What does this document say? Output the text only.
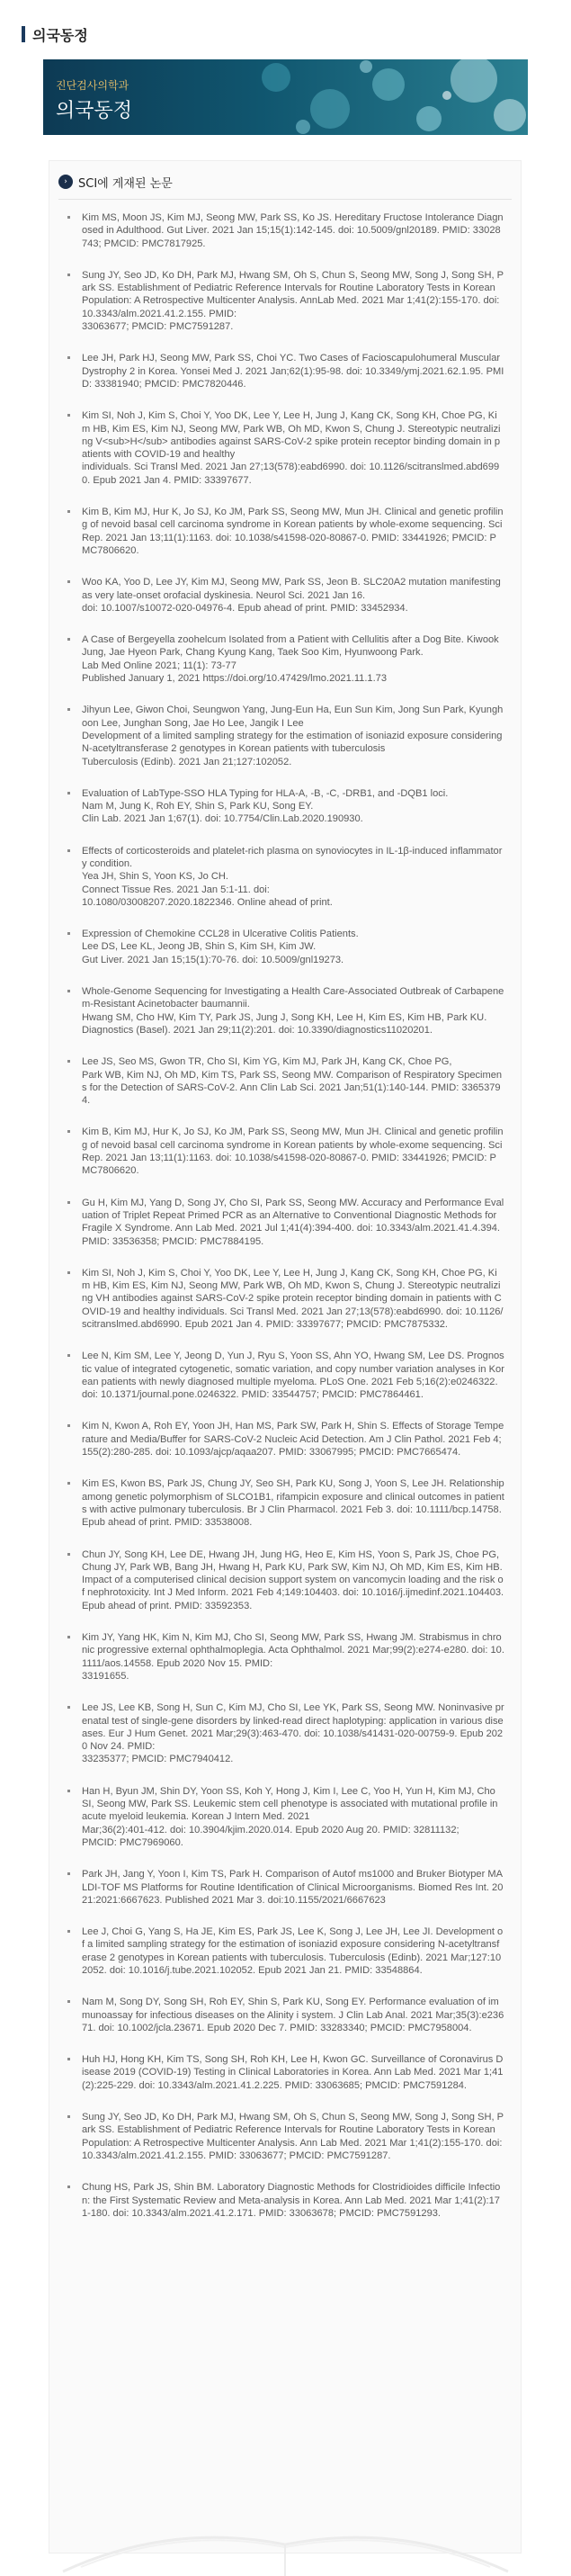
의국동정
진단검사의학과
의국동정
› SCI에 게재된 논문
Kim MS, Moon JS, Kim MJ, Seong MW, Park SS, Ko JS. Hereditary Fructose Intolerance Diagnosed in Adulthood. Gut Liver. 2021 Jan 15;15(1):142-145. doi: 10.5009/gnl20189. PMID: 33028743; PMCID: PMC7817925.
Sung JY, Seo JD, Ko DH, Park MJ, Hwang SM, Oh S, Chun S, Seong MW, Song J, Song SH, Park SS. Establishment of Pediatric Reference Intervals for Routine Laboratory Tests in Korean Population: A Retrospective Multicenter Analysis. AnnLab Med. 2021 Mar 1;41(2):155-170. doi: 10.3343/alm.2021.41.2.155. PMID:
33063677; PMCID: PMC7591287.
Lee JH, Park HJ, Seong MW, Park SS, Choi YC. Two Cases of Facioscapulohumeral Muscular Dystrophy 2 in Korea. Yonsei Med J. 2021 Jan;62(1):95-98. doi: 10.3349/ymj.2021.62.1.95. PMID: 33381940; PMCID: PMC7820446.
Kim SI, Noh J, Kim S, Choi Y, Yoo DK, Lee Y, Lee H, Jung J, Kang CK, Song KH, Choe PG, Kim HB, Kim ES, Kim NJ, Seong MW, Park WB, Oh MD, Kwon S, Chung J. Stereotypic neutralizing V<sub>H</sub> antibodies against SARS-CoV-2 spike protein receptor binding domain in patients with COVID-19 and healthy
individuals. Sci Transl Med. 2021 Jan 27;13(578):eabd6990. doi: 10.1126/scitranslmed.abd6990. Epub 2021 Jan 4. PMID: 33397677.
Kim B, Kim MJ, Hur K, Jo SJ, Ko JM, Park SS, Seong MW, Mun JH. Clinical and genetic profiling of nevoid basal cell carcinoma syndrome in Korean patients by whole-exome sequencing. Sci Rep. 2021 Jan 13;11(1):1163. doi: 10.1038/s41598-020-80867-0. PMID: 33441926; PMCID: PMC7806620.
Woo KA, Yoo D, Lee JY, Kim MJ, Seong MW, Park SS, Jeon B. SLC20A2 mutation manifesting as very late-onset orofacial dyskinesia. Neurol Sci. 2021 Jan 16.
doi: 10.1007/s10072-020-04976-4. Epub ahead of print. PMID: 33452934.
A Case of Bergeyella zoohelcum Isolated from a Patient with Cellulitis after a Dog Bite. Kiwook Jung, Jae Hyeon Park, Chang Kyung Kang, Taek Soo Kim, Hyunwoong Park.
Lab Med Online 2021; 11(1): 73-77
Published January 1, 2021 https://doi.org/10.47429/lmo.2021.11.1.73
Jihyun Lee, Giwon Choi, Seungwon Yang, Jung-Eun Ha, Eun Sun Kim, Jong Sun Park, Kyunghoon Lee, Junghan Song, Jae Ho Lee, Jangik I Lee
Development of a limited sampling strategy for the estimation of isoniazid exposure considering N-acetyltransferase 2 genotypes in Korean patients with tuberculosis
Tuberculosis (Edinb). 2021 Jan 21;127:102052.
Evaluation of LabType-SSO HLA Typing for HLA-A, -B, -C, -DRB1, and -DQB1 loci.
Nam M, Jung K, Roh EY, Shin S, Park KU, Song EY.
Clin Lab. 2021 Jan 1;67(1). doi: 10.7754/Clin.Lab.2020.190930.
Effects of corticosteroids and platelet-rich plasma on synoviocytes in IL-1β-induced inflammatory condition.
Yea JH, Shin S, Yoon KS, Jo CH.
Connect Tissue Res. 2021 Jan 5:1-11. doi:
10.1080/03008207.2020.1822346. Online ahead of print.
Expression of Chemokine CCL28 in Ulcerative Colitis Patients.
Lee DS, Lee KL, Jeong JB, Shin S, Kim SH, Kim JW.
Gut Liver. 2021 Jan 15;15(1):70-76. doi: 10.5009/gnl19273.
Whole-Genome Sequencing for Investigating a Health Care-Associated Outbreak of Carbapenem-Resistant Acinetobacter baumannii.
Hwang SM, Cho HW, Kim TY, Park JS, Jung J, Song KH, Lee H, Kim ES, Kim HB, Park KU.
Diagnostics (Basel). 2021 Jan 29;11(2):201. doi: 10.3390/diagnostics11020201.
Lee JS, Seo MS, Gwon TR, Cho SI, Kim YG, Kim MJ, Park JH, Kang CK, Choe PG,
Park WB, Kim NJ, Oh MD, Kim TS, Park SS, Seong MW. Comparison of Respiratory Specimens for the Detection of SARS-CoV-2. Ann Clin Lab Sci. 2021 Jan;51(1):140-144. PMID: 33653794.
Kim B, Kim MJ, Hur K, Jo SJ, Ko JM, Park SS, Seong MW, Mun JH. Clinical and genetic profiling of nevoid basal cell carcinoma syndrome in Korean patients by whole-exome sequencing. Sci Rep. 2021 Jan 13;11(1):1163. doi: 10.1038/s41598-020-80867-0. PMID: 33441926; PMCID: PMC7806620.
Gu H, Kim MJ, Yang D, Song JY, Cho SI, Park SS, Seong MW. Accuracy and Performance Evaluation of Triplet Repeat Primed PCR as an Alternative to Conventional Diagnostic Methods for Fragile X Syndrome. Ann Lab Med. 2021 Jul 1;41(4):394-400. doi: 10.3343/alm.2021.41.4.394. PMID: 33536358; PMCID: PMC7884195.
Kim SI, Noh J, Kim S, Choi Y, Yoo DK, Lee Y, Lee H, Jung J, Kang CK, Song KH, Choe PG, Kim HB, Kim ES, Kim NJ, Seong MW, Park WB, Oh MD, Kwon S, Chung J. Stereotypic neutralizing VH antibodies against SARS-CoV-2 spike protein receptor binding domain in patients with COVID-19 and healthy individuals. Sci Transl Med. 2021 Jan 27;13(578):eabd6990. doi: 10.1126/scitranslmed.abd6990. Epub 2021 Jan 4. PMID: 33397677; PMCID: PMC7875332.
Lee N, Kim SM, Lee Y, Jeong D, Yun J, Ryu S, Yoon SS, Ahn YO, Hwang SM, Lee DS. Prognostic value of integrated cytogenetic, somatic variation, and copy number variation analyses in Korean patients with newly diagnosed multiple myeloma. PLoS One. 2021 Feb 5;16(2):e0246322. doi: 10.1371/journal.pone.0246322. PMID: 33544757; PMCID: PMC7864461.
Kim N, Kwon A, Roh EY, Yoon JH, Han MS, Park SW, Park H, Shin S. Effects of Storage Temperature and Media/Buffer for SARS-CoV-2 Nucleic Acid Detection. Am J Clin Pathol. 2021 Feb 4;155(2):280-285. doi: 10.1093/ajcp/aqaa207. PMID: 33067995; PMCID: PMC7665474.
Kim ES, Kwon BS, Park JS, Chung JY, Seo SH, Park KU, Song J, Yoon S, Lee JH. Relationship among genetic polymorphism of SLCO1B1, rifampicin exposure and clinical outcomes in patients with active pulmonary tuberculosis. Br J Clin Pharmacol. 2021 Feb 3. doi: 10.1111/bcp.14758. Epub ahead of print. PMID: 33538008.
Chun JY, Song KH, Lee DE, Hwang JH, Jung HG, Heo E, Kim HS, Yoon S, Park JS, Choe PG, Chung JY, Park WB, Bang JH, Hwang H, Park KU, Park SW, Kim NJ, Oh MD, Kim ES, Kim HB. Impact of a computerised clinical decision support system on vancomycin loading and the risk of nephrotoxicity. Int J Med Inform. 2021 Feb 4;149:104403. doi: 10.1016/j.ijmedinf.2021.104403. Epub ahead of print. PMID: 33592353.
Kim JY, Yang HK, Kim N, Kim MJ, Cho SI, Seong MW, Park SS, Hwang JM. Strabismus in chronic progressive external ophthalmoplegia. Acta Ophthalmol. 2021 Mar;99(2):e274-e280. doi: 10.1111/aos.14558. Epub 2020 Nov 15. PMID:
33191655.
Lee JS, Lee KB, Song H, Sun C, Kim MJ, Cho SI, Lee YK, Park SS, Seong MW. Noninvasive prenatal test of single-gene disorders by linked-read direct haplotyping: application in various diseases. Eur J Hum Genet. 2021 Mar;29(3):463-470. doi: 10.1038/s41431-020-00759-9. Epub 2020 Nov 24. PMID:
33235377; PMCID: PMC7940412.
Han H, Byun JM, Shin DY, Yoon SS, Koh Y, Hong J, Kim I, Lee C, Yoo H, Yun H, Kim MJ, Cho SI, Seong MW, Park SS. Leukemic stem cell phenotype is associated with mutational profile in acute myeloid leukemia. Korean J Intern Med. 2021
Mar;36(2):401-412. doi: 10.3904/kjim.2020.014. Epub 2020 Aug 20. PMID: 32811132;
PMCID: PMC7969060.
Park JH, Jang Y, Yoon I, Kim TS, Park H. Comparison of Autof ms1000 and Bruker Biotyper MALDI-TOF MS Platforms for Routine Identification of Clinical Microorganisms. Biomed Res Int. 2021:2021:6667623. Published 2021 Mar 3. doi:10.1155/2021/6667623
Lee J, Choi G, Yang S, Ha JE, Kim ES, Park JS, Lee K, Song J, Lee JH, Lee JI. Development of a limited sampling strategy for the estimation of isoniazid exposure considering N-acetyltransferase 2 genotypes in Korean patients with tuberculosis. Tuberculosis (Edinb). 2021 Mar;127:102052. doi: 10.1016/j.tube.2021.102052. Epub 2021 Jan 21. PMID: 33548864.
Nam M, Song DY, Song SH, Roh EY, Shin S, Park KU, Song EY. Performance evaluation of immunoassay for infectious diseases on the Alinity i system. J Clin Lab Anal. 2021 Mar;35(3):e23671. doi: 10.1002/jcla.23671. Epub 2020 Dec 7. PMID: 33283340; PMCID: PMC7958004.
Huh HJ, Hong KH, Kim TS, Song SH, Roh KH, Lee H, Kwon GC. Surveillance of Coronavirus Disease 2019 (COVID-19) Testing in Clinical Laboratories in Korea. Ann Lab Med. 2021 Mar 1;41(2):225-229. doi: 10.3343/alm.2021.41.2.225. PMID: 33063685; PMCID: PMC7591284.
Sung JY, Seo JD, Ko DH, Park MJ, Hwang SM, Oh S, Chun S, Seong MW, Song J, Song SH, Park SS. Establishment of Pediatric Reference Intervals for Routine Laboratory Tests in Korean Population: A Retrospective Multicenter Analysis. Ann Lab Med. 2021 Mar 1;41(2):155-170. doi: 10.3343/alm.2021.41.2.155. PMID: 33063677; PMCID: PMC7591287.
Chung HS, Park JS, Shin BM. Laboratory Diagnostic Methods for Clostridioides difficile Infection: the First Systematic Review and Meta-analysis in Korea. Ann Lab Med. 2021 Mar 1;41(2):171-180. doi: 10.3343/alm.2021.41.2.171. PMID: 33063678; PMCID: PMC7591293.
